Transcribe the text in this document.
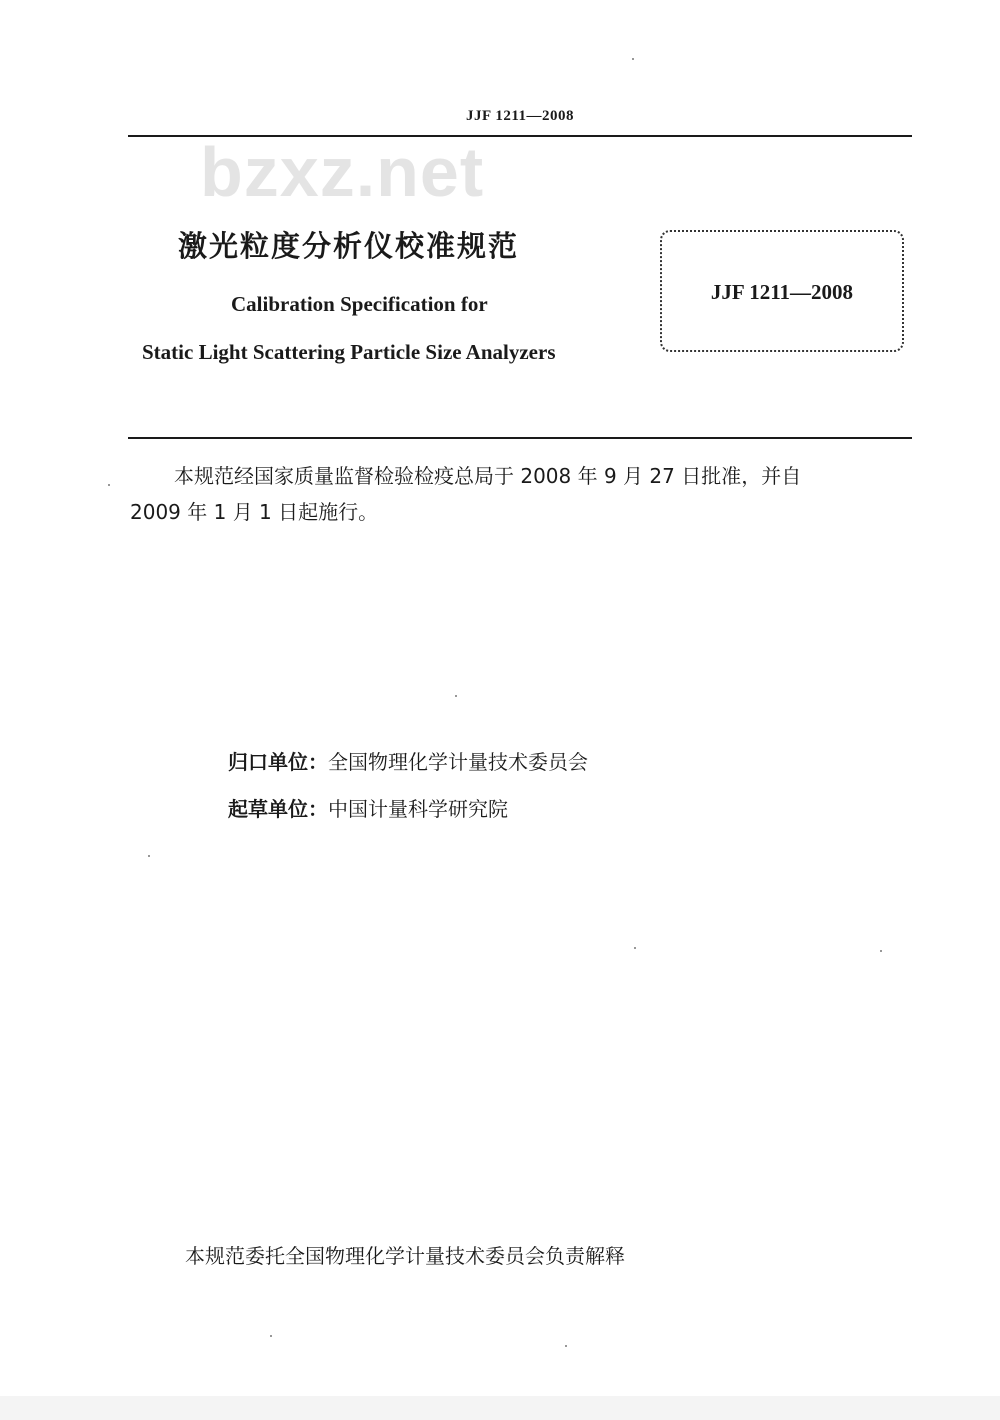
JJF 1211—2008
bzxz.net
激光粒度分析仪校准规范
Calibration Specification for
Static Light Scattering Particle Size Analyzers
JJF 1211—2008
本规范经国家质量监督检验检疫总局于 2008 年 9 月 27 日批准，并自
2009 年 1 月 1 日起施行。
归口单位：全国物理化学计量技术委员会
起草单位：中国计量科学研究院
本规范委托全国物理化学计量技术委员会负责解释
